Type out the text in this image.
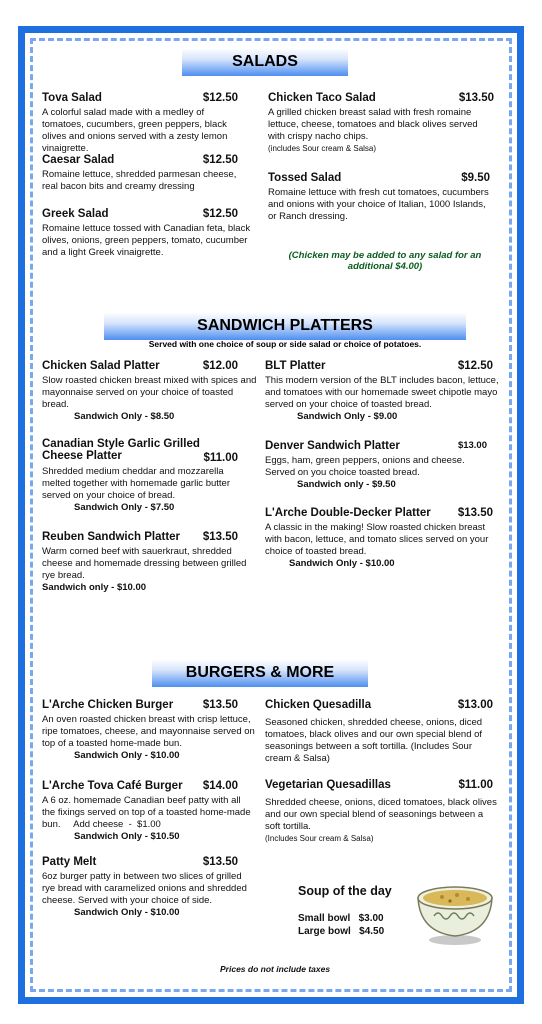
SALADS
Tova Salad	$12.50
A colorful salad made with a medley of tomatoes, cucumbers, green peppers, black olives and onions served with a zesty lemon vinaigrette.
Caesar Salad	$12.50
Romaine lettuce, shredded parmesan cheese, real bacon bits and creamy dressing
Greek Salad	$12.50
Romaine lettuce tossed with Canadian feta, black olives, onions, green peppers, tomato, cucumber and a light Greek vinaigrette.
Chicken Taco Salad	$13.50
A grilled chicken breast salad with fresh romaine lettuce, cheese, tomatoes and black olives served with crispy nacho chips.
(includes Sour cream & Salsa)
Tossed Salad	$9.50
Romaine lettuce with fresh cut tomatoes, cucumbers and onions with your choice of Italian, 1000 Islands, or Ranch dressing.
(Chicken may be added to any salad for an additional $4.00)
SANDWICH PLATTERS
Served with one choice of soup or side salad or choice of potatoes.
Chicken Salad Platter	$12.00
Slow roasted chicken breast mixed with spices and mayonnaise served on your choice of toasted bread.
Sandwich Only - $8.50
Canadian Style Garlic Grilled Cheese Platter	$11.00
Shredded medium cheddar and mozzarella melted together with homemade garlic butter served on your choice of bread.
Sandwich Only - $7.50
Reuben Sandwich Platter $13.50
Warm corned beef with sauerkraut, shredded cheese and homemade dressing between grilled rye bread.
Sandwich only - $10.00
BLT Platter	$12.50
This modern version of the BLT includes bacon, lettuce, and tomatoes with our homemade sweet chipotle mayo served on your choice of toasted bread.
Sandwich Only - $9.00
Denver Sandwich Platter	$13.00
Eggs, ham, green peppers, onions and cheese. Served on you choice toasted bread.
Sandwich only - $9.50
L'Arche Double-Decker Platter $13.50
A classic in the making! Slow roasted chicken breast with bacon, lettuce, and tomato slices served on your choice of toasted bread.
Sandwich Only - $10.00
BURGERS & MORE
L'Arche Chicken Burger	$13.50
An oven roasted chicken breast with crisp lettuce, ripe tomatoes, cheese, and mayonnaise served on top of a toasted home-made bun.
Sandwich Only - $10.00
L'Arche Tova Café Burger $14.00
A 6 oz. homemade Canadian beef patty with all the fixings served on top of a toasted home-made bun.     Add cheese  -  $1.00
Sandwich Only - $10.50
Patty Melt	$13.50
6oz burger patty in between two slices of grilled rye bread with caramelized onions and shredded cheese. Served with your choice of side.
Sandwich Only - $10.00
Chicken Quesadilla	$13.00
Seasoned chicken, shredded cheese, onions, diced tomatoes, black olives and our own special blend of seasonings between a soft tortilla. (Includes Sour cream & Salsa)
Vegetarian Quesadillas	$11.00
Shredded cheese, onions, diced tomatoes, black olives and our own special blend of seasonings between a soft tortilla.
(Includes Sour cream & Salsa)
Soup of the day
Small bowl $3.00
Large bowl $4.50
Prices do not include taxes
